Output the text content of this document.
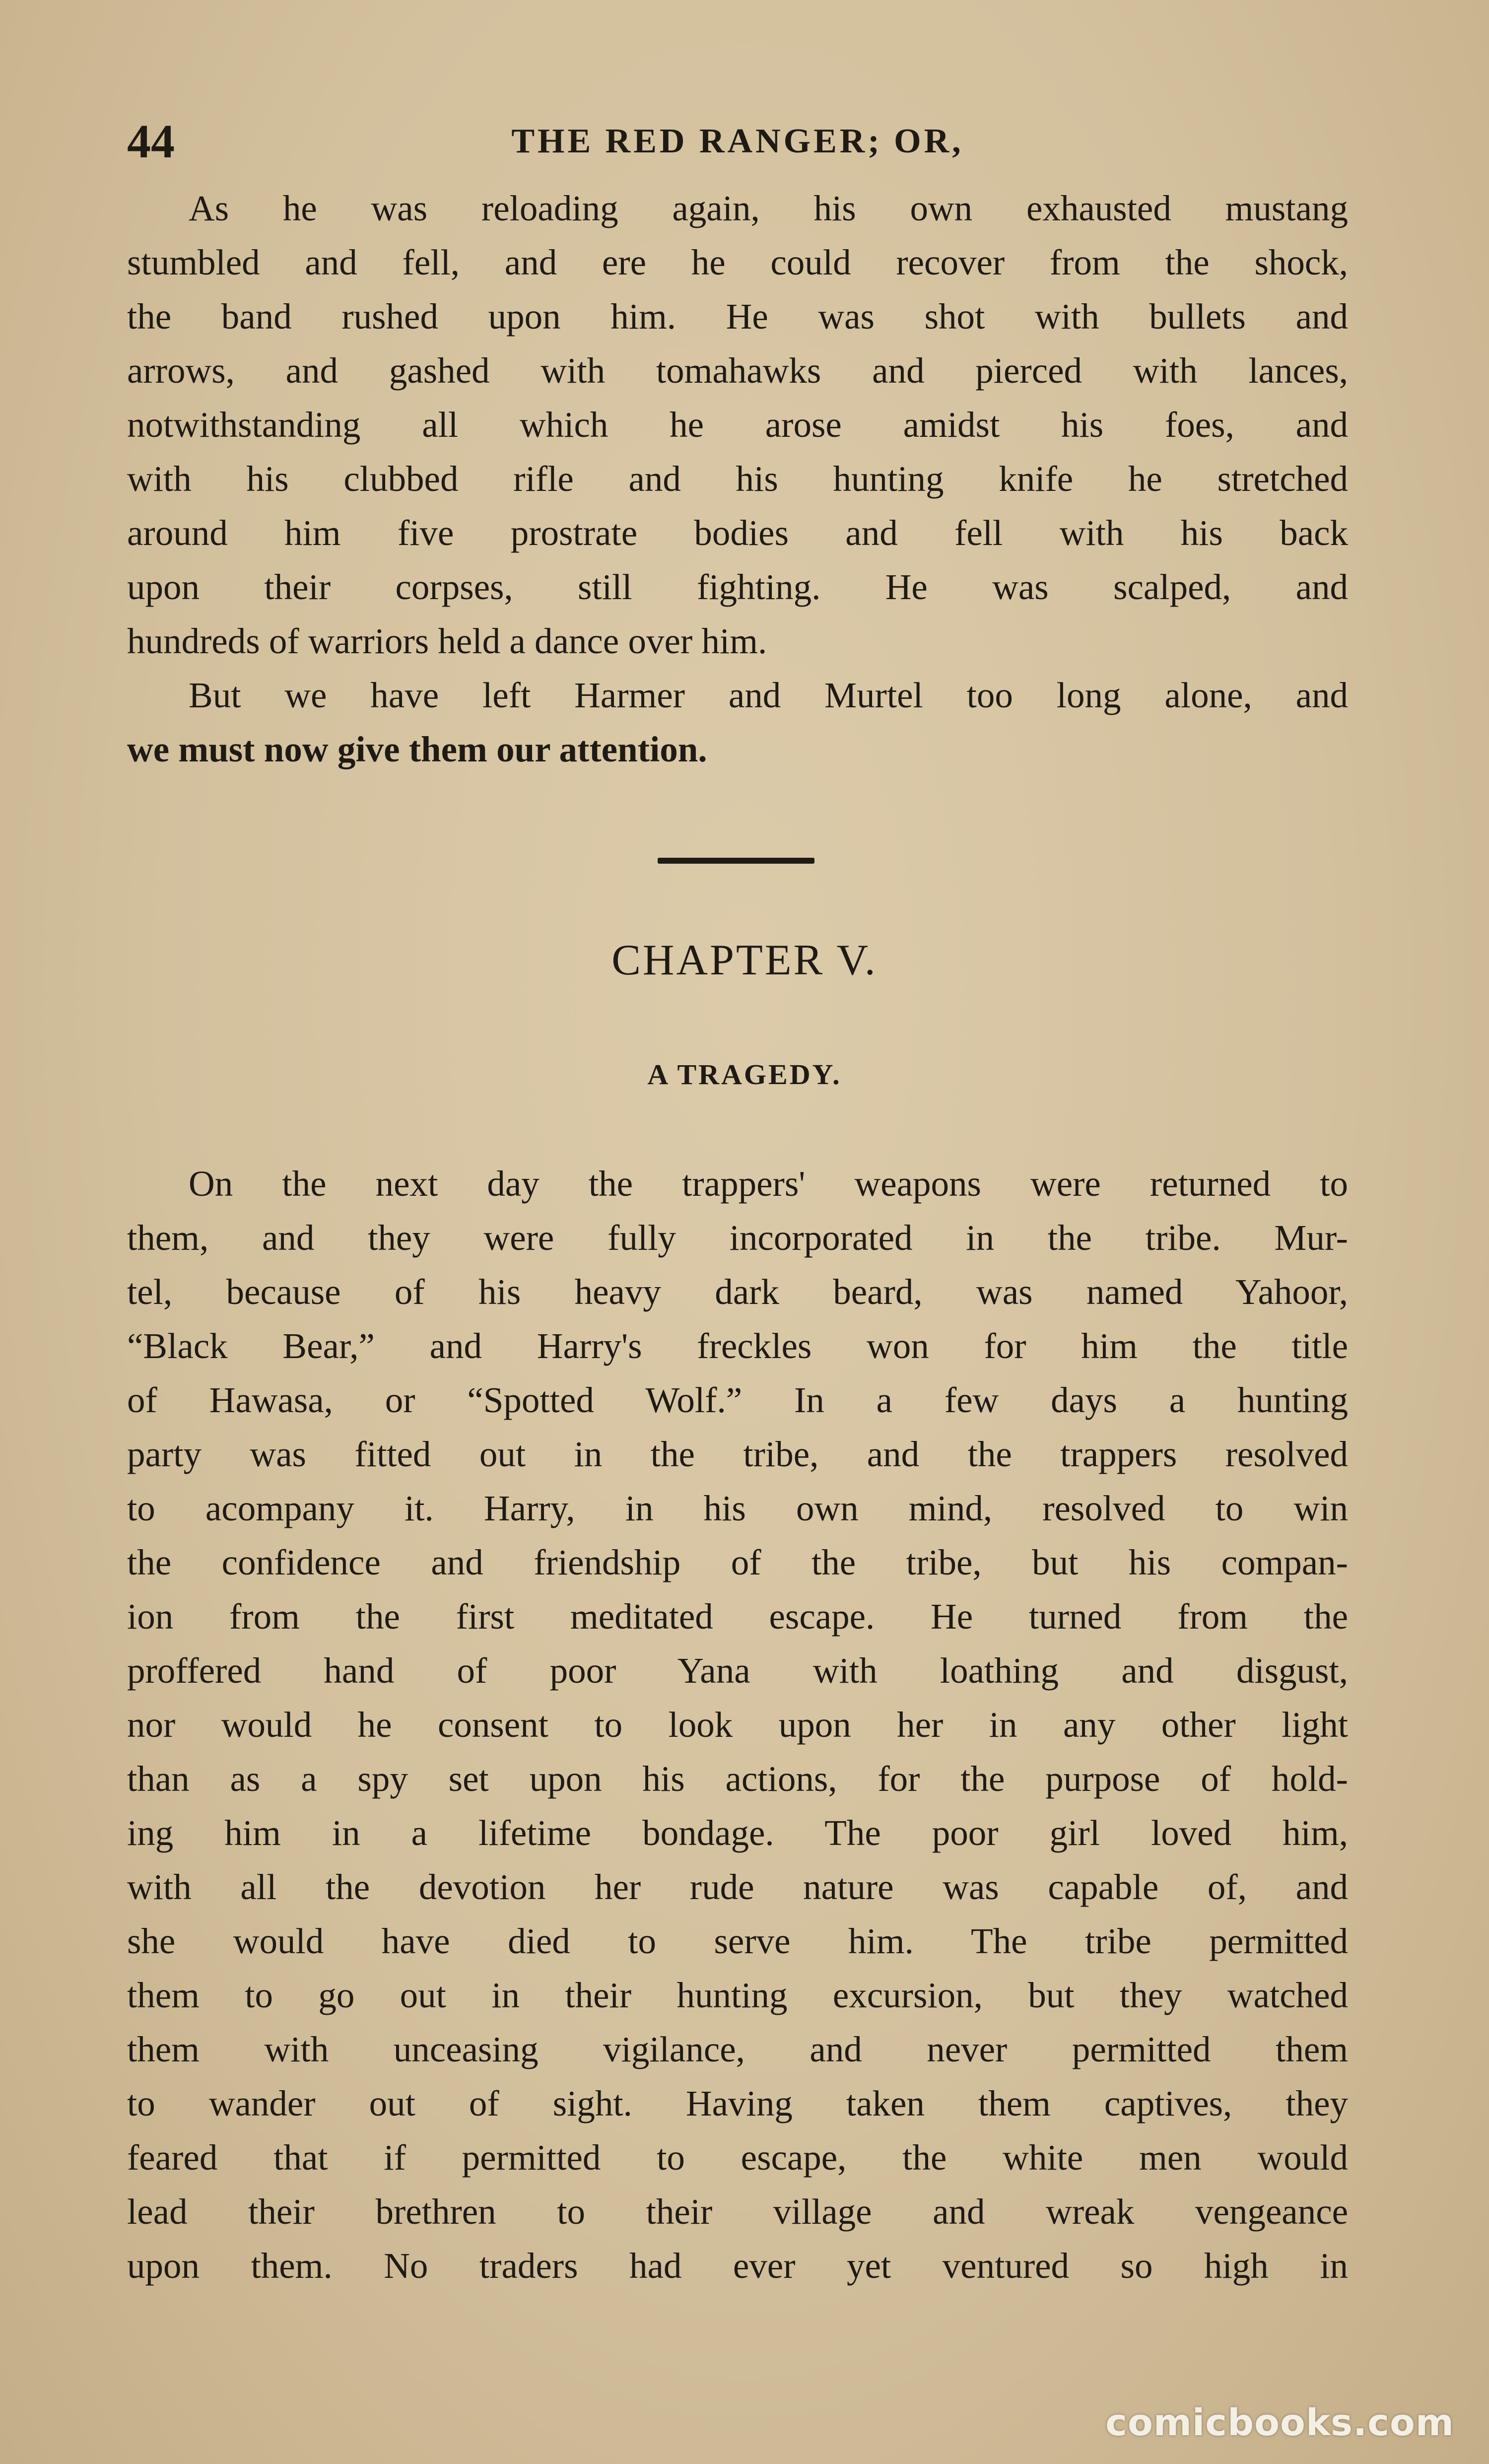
44	THE RED RANGER; OR,

As he was reloading again, his own exhausted mustang
stumbled and fell, and ere he could recover from the shock,
the band rushed upon him. He was shot with bullets and
arrows, and gashed with tomahawks and pierced with lances,
notwithstanding all which he arose amidst his foes, and
with his clubbed rifle and his hunting knife he stretched
around him five prostrate bodies and fell with his back
upon their corpses, still fighting. He was scalped, and
hundreds of warriors held a dance over him.

But we have left Harmer and Murtel too long alone, and
we must now give them our attention.

CHAPTER V.
A TRAGEDY.

On the next day the trappers' weapons were returned to
them, and they were fully incorporated in the tribe. Mur-
tel, because of his heavy dark beard, was named Yahoor,
“Black Bear,” and Harry's freckles won for him the title
of Hawasa, or “Spotted Wolf.” In a few days a hunting
party was fitted out in the tribe, and the trappers resolved
to acompany it. Harry, in his own mind, resolved to win
the confidence and friendship of the tribe, but his compan-
ion from the first meditated escape. He turned from the
proffered hand of poor Yana with loathing and disgust,
nor would he consent to look upon her in any other light
than as a spy set upon his actions, for the purpose of hold-
ing him in a lifetime bondage. The poor girl loved him,
with all the devotion her rude nature was capable of, and
she would have died to serve him. The tribe permitted
them to go out in their hunting excursion, but they watched
them with unceasing vigilance, and never permitted them
to wander out of sight. Having taken them captives, they
feared that if permitted to escape, the white men would
lead their brethren to their village and wreak vengeance
upon them. No traders had ever yet ventured so high in

comicbooks.com
